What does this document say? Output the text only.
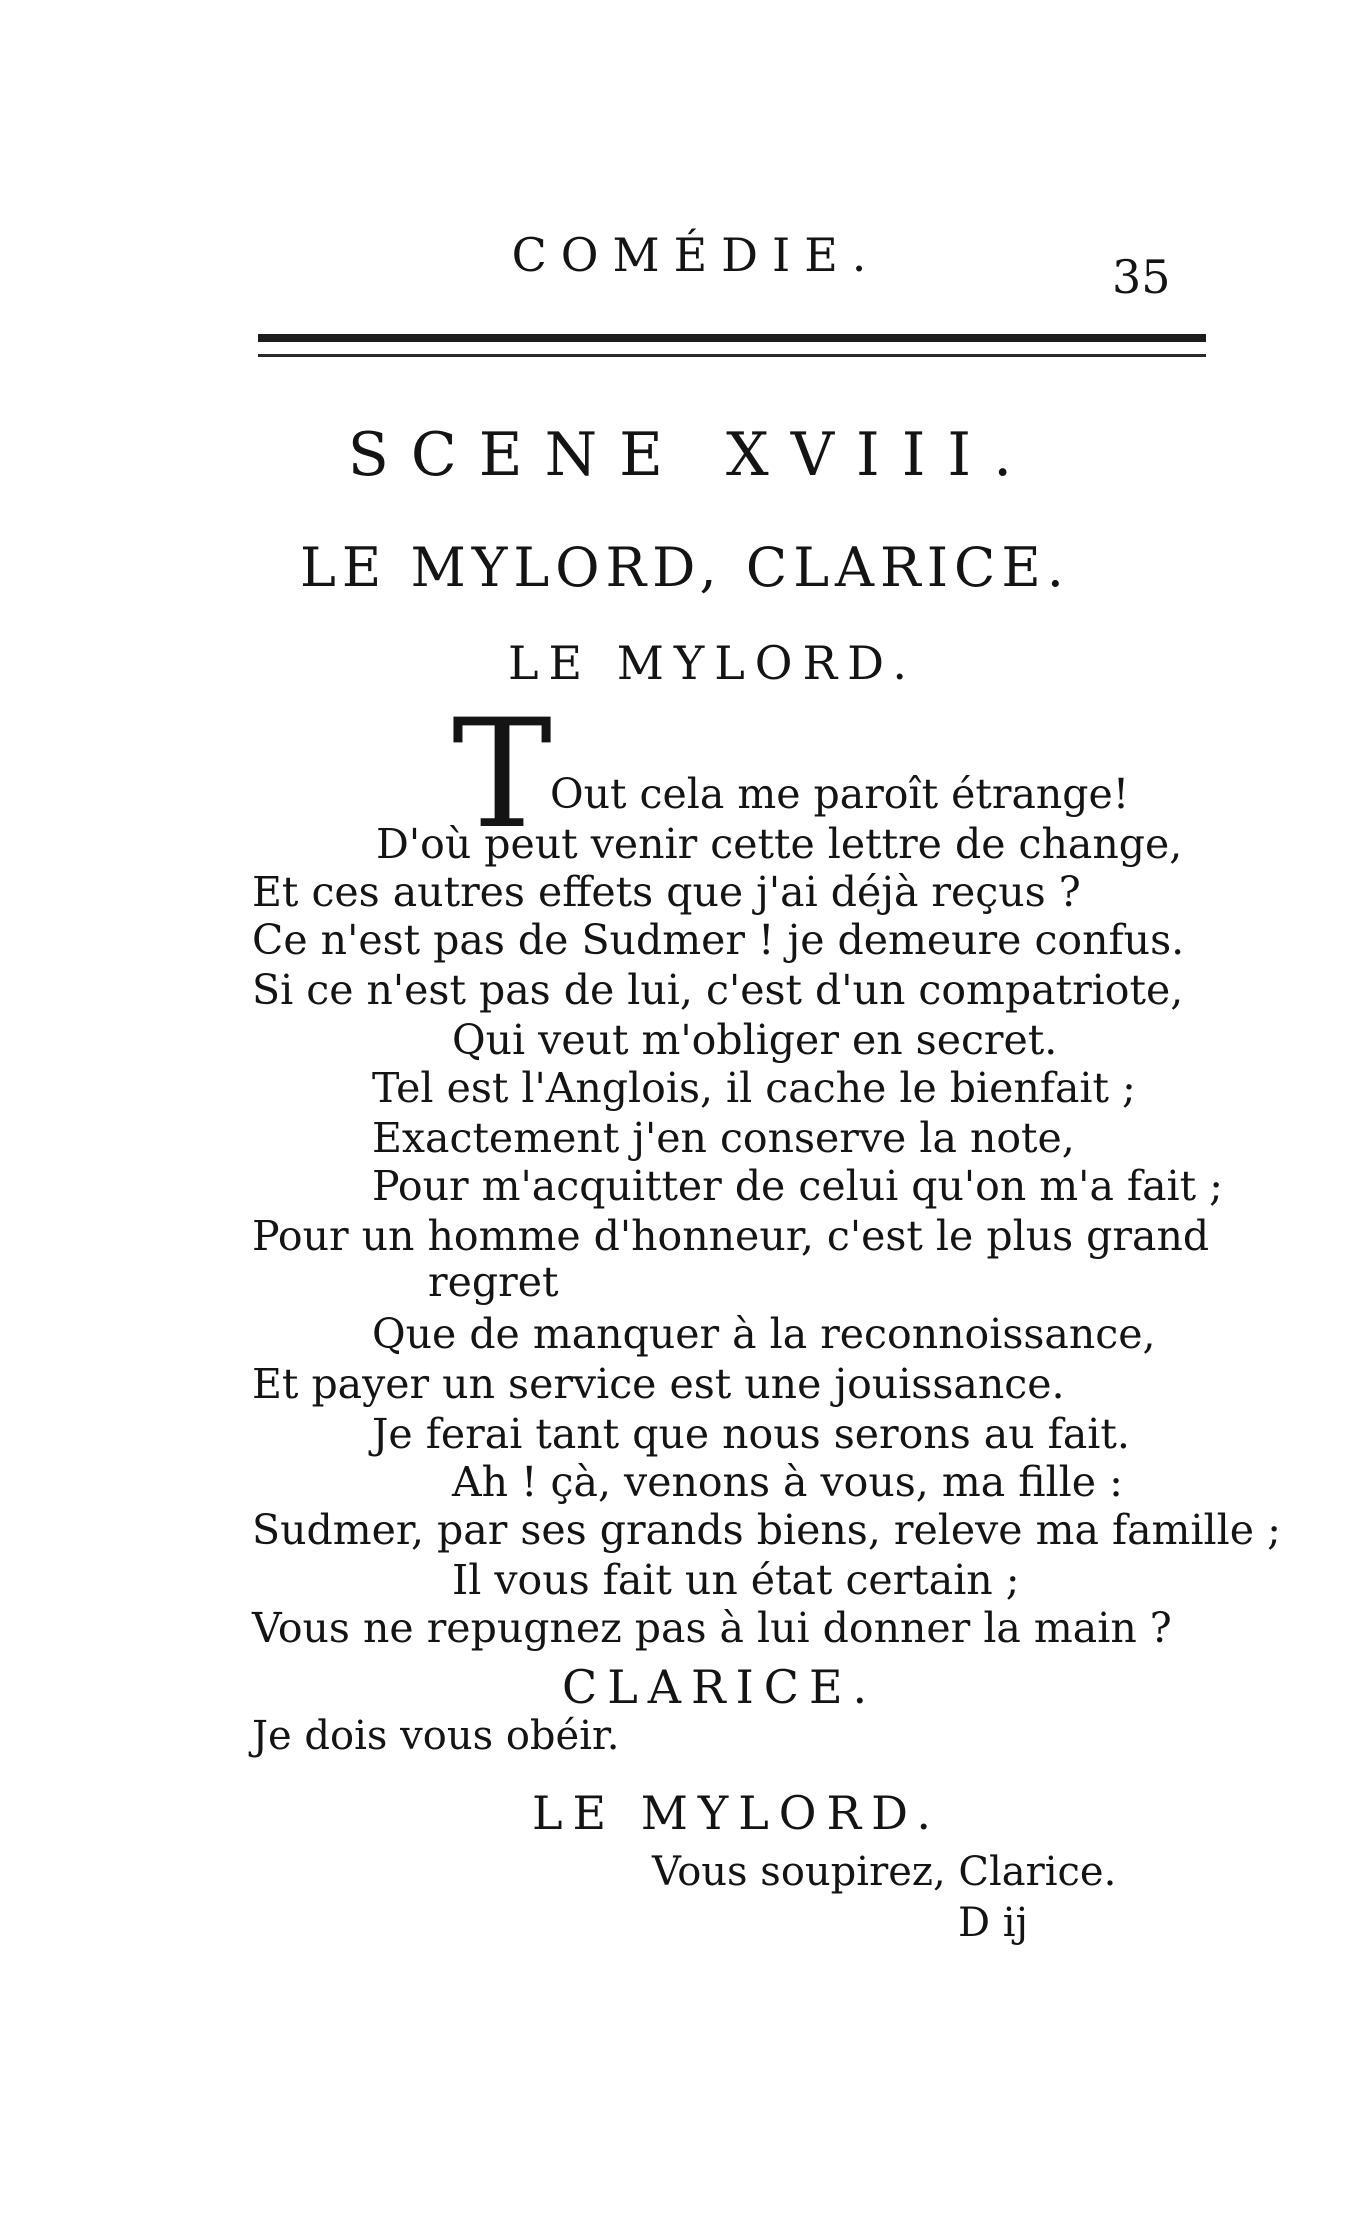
COMÉDIE.	35
SCENE XVIII.
LE MYLORD, CLARICE.
LE MYLORD.
T
Out cela me paroît étrange!
D'où peut venir cette lettre de change,
Et ces autres effets que j'ai déjà reçus ?
Ce n'est pas de Sudmer ! je demeure confus.
Si ce n'est pas de lui, c'est d'un compatriote,
Qui veut m'obliger en secret.
Tel est l'Anglois, il cache le bienfait ;
Exactement j'en conserve la note,
Pour m'acquitter de celui qu'on m'a fait ;
Pour un homme d'honneur, c'est le plus grand
regret
Que de manquer à la reconnoissance,
Et payer un service est une jouissance.
Je ferai tant que nous serons au fait.
Ah ! çà, venons à vous, ma fille :
Sudmer, par ses grands biens, releve ma famille ;
Il vous fait un état certain ;
Vous ne repugnez pas à lui donner la main ?
CLARICE.
Je dois vous obéir.
LE MYLORD.
Vous soupirez, Clarice.
D ij
